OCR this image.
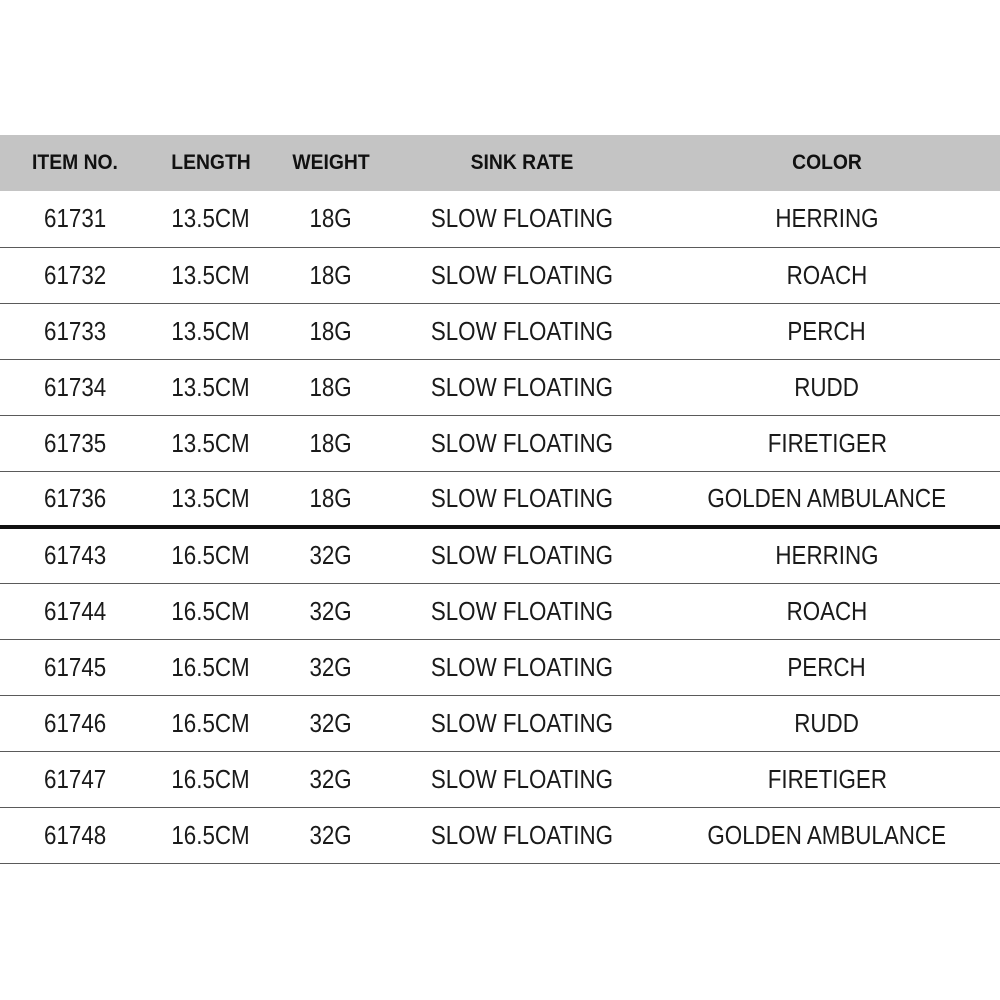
ITEM NO.	LENGTH	WEIGHT	SINK RATE	COLOR
61731	13.5CM	18G	SLOW FLOATING	HERRING
61732	13.5CM	18G	SLOW FLOATING	ROACH
61733	13.5CM	18G	SLOW FLOATING	PERCH
61734	13.5CM	18G	SLOW FLOATING	RUDD
61735	13.5CM	18G	SLOW FLOATING	FIRETIGER
61736	13.5CM	18G	SLOW FLOATING	GOLDEN AMBULANCE
61743	16.5CM	32G	SLOW FLOATING	HERRING
61744	16.5CM	32G	SLOW FLOATING	ROACH
61745	16.5CM	32G	SLOW FLOATING	PERCH
61746	16.5CM	32G	SLOW FLOATING	RUDD
61747	16.5CM	32G	SLOW FLOATING	FIRETIGER
61748	16.5CM	32G	SLOW FLOATING	GOLDEN AMBULANCE
